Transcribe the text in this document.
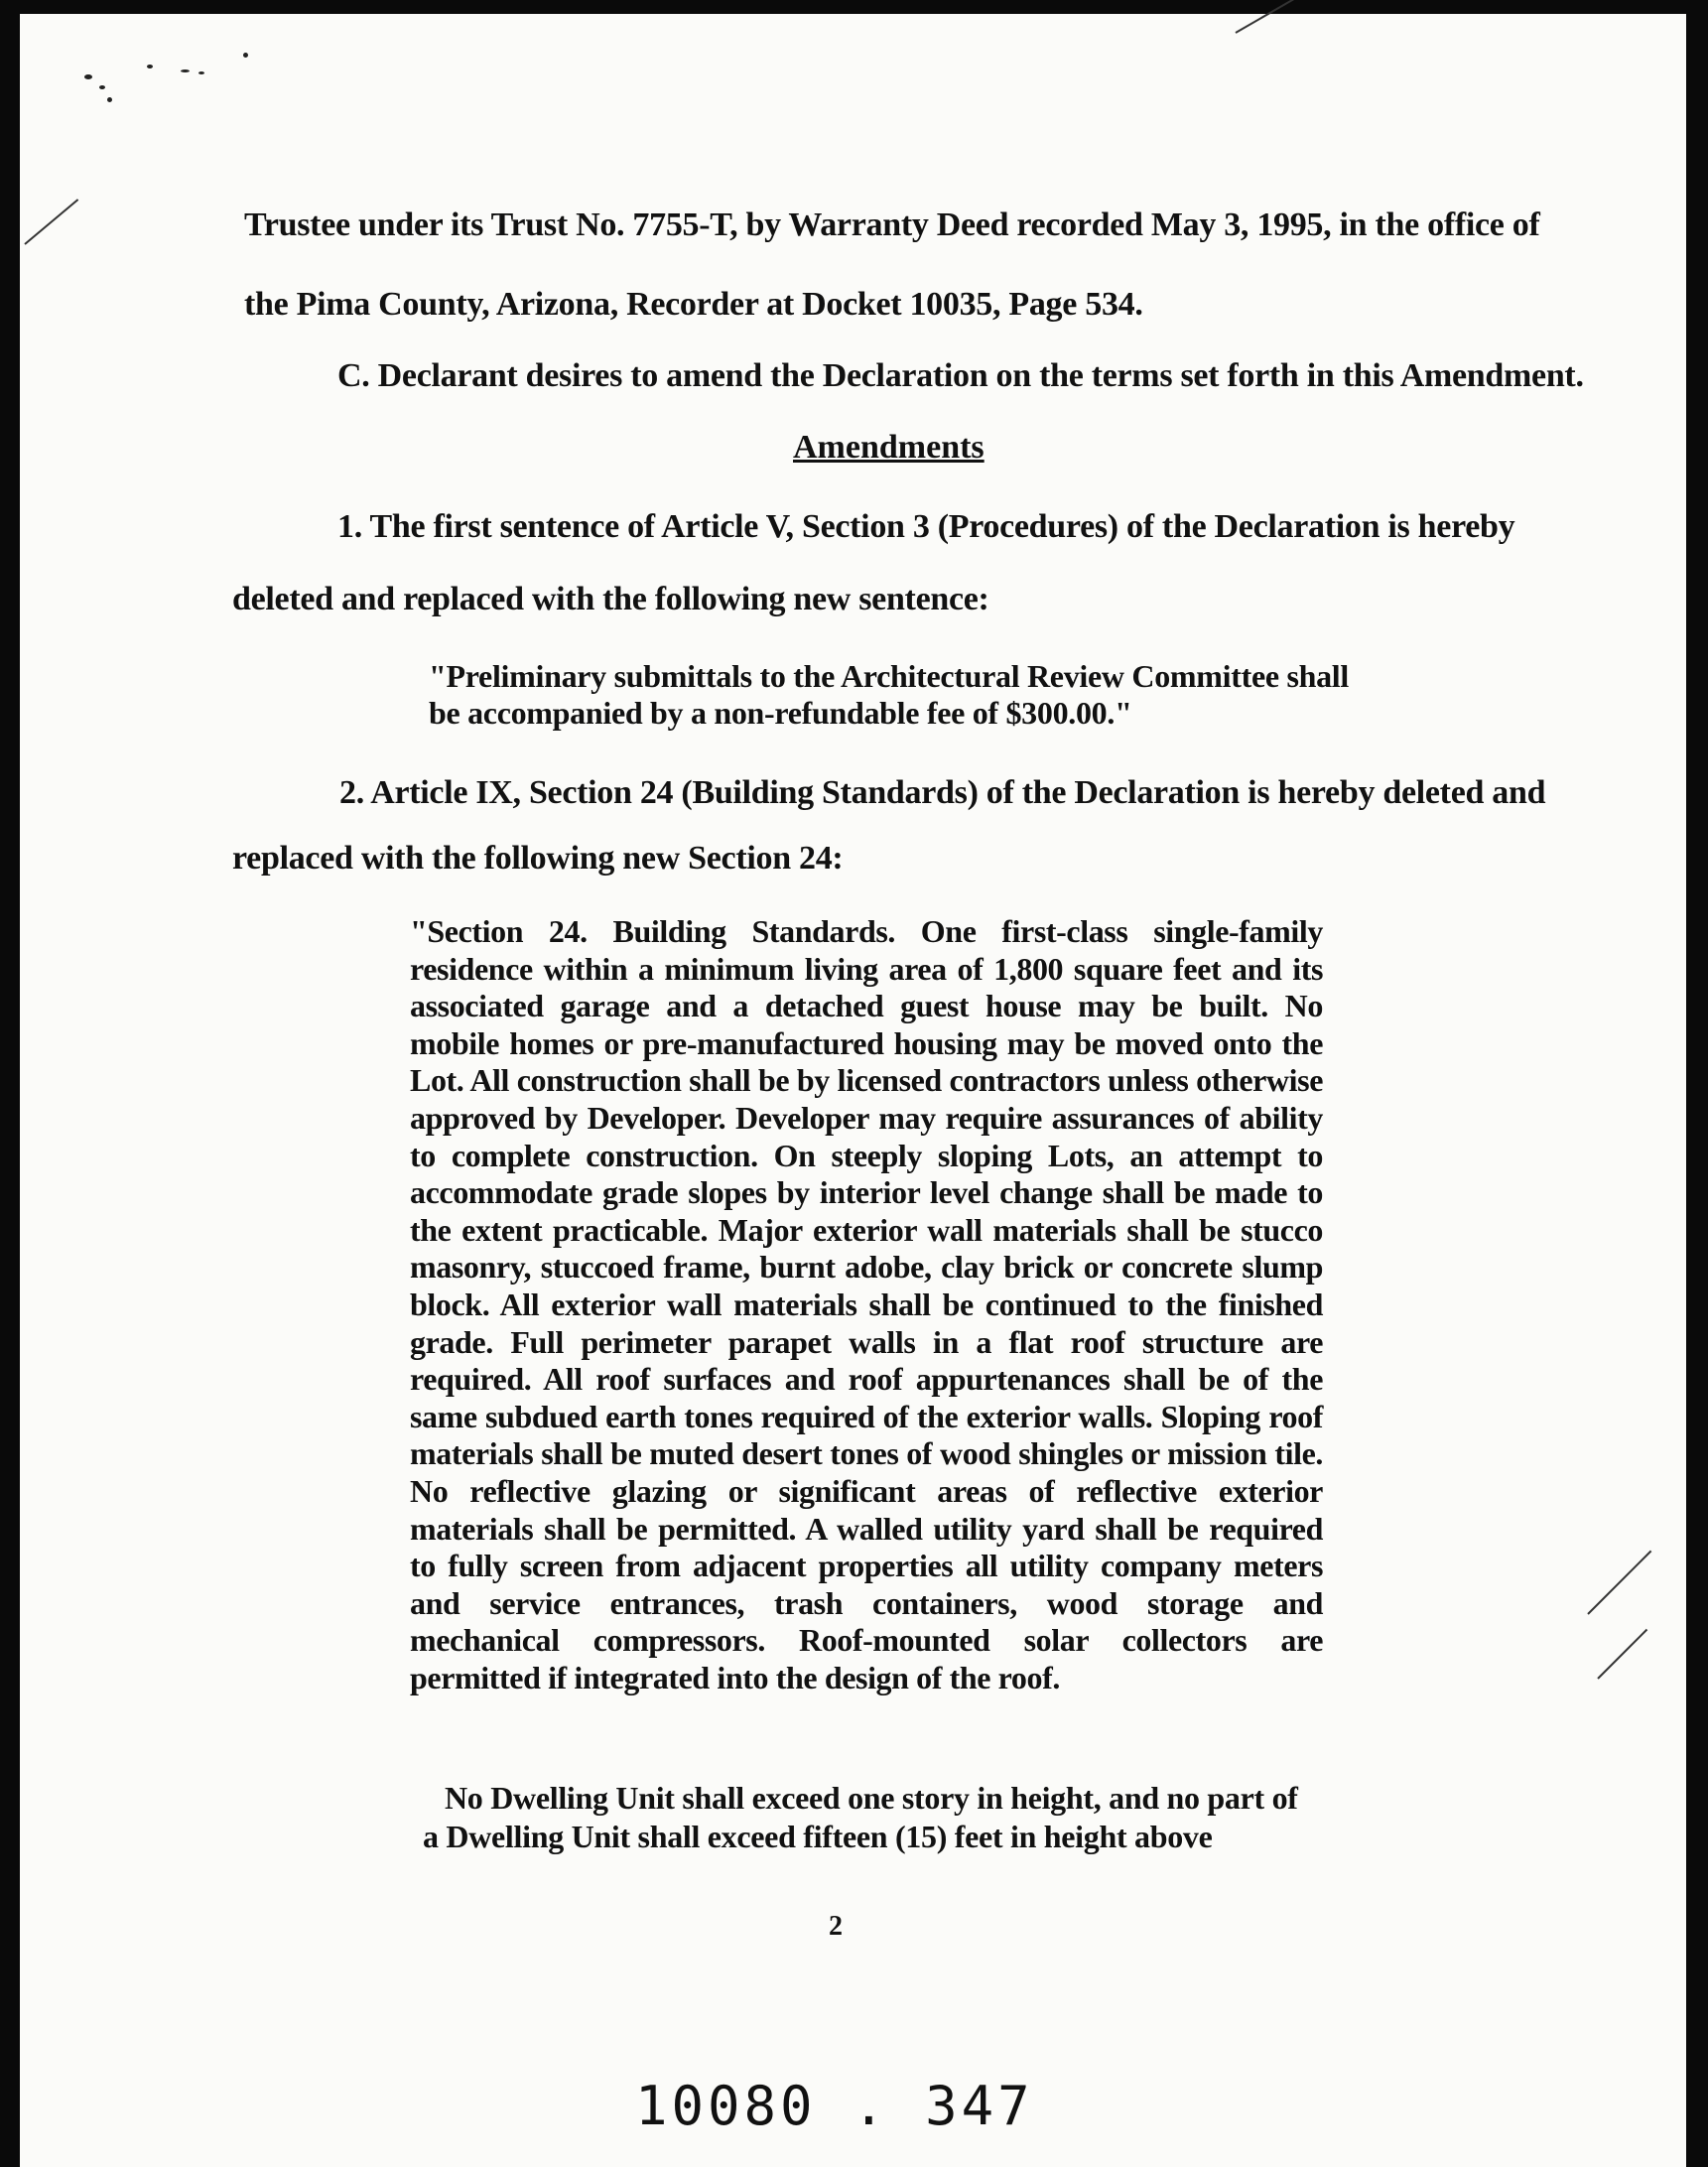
Trustee under its Trust No. 7755-T, by Warranty Deed recorded May 3, 1995, in the office of

the Pima County, Arizona, Recorder at Docket 10035, Page 534.

C. Declarant desires to amend the Declaration on the terms set forth in this Amendment.

Amendments

1. The first sentence of Article V, Section 3 (Procedures) of the Declaration is hereby

deleted and replaced with the following new sentence:

"Preliminary submittals to the Architectural Review Committee shall

be accompanied by a non-refundable fee of $300.00."

2. Article IX, Section 24 (Building Standards) of the Declaration is hereby deleted and

replaced with the following new Section 24:

"Section 24. Building Standards. One first-class single-family residence within a minimum living area of 1,800 square feet and its associated garage and a detached guest house may be built. No mobile homes or pre-manufactured housing may be moved onto the Lot. All construction shall be by licensed contractors unless otherwise approved by Developer. Developer may require assurances of ability to complete construction. On steeply sloping Lots, an attempt to accommodate grade slopes by interior level change shall be made to the extent practicable. Major exterior wall materials shall be stucco masonry, stuccoed frame, burnt adobe, clay brick or concrete slump block. All exterior wall materials shall be continued to the finished grade. Full perimeter parapet walls in a flat roof structure are required. All roof surfaces and roof appurtenances shall be of the same subdued earth tones required of the exterior walls. Sloping roof materials shall be muted desert tones of wood shingles or mission tile. No reflective glazing or significant areas of reflective exterior materials shall be permitted. A walled utility yard shall be required to fully screen from adjacent properties all utility company meters and service entrances, trash containers, wood storage and mechanical compressors. Roof-mounted solar collectors are permitted if integrated into the design of the roof.

No Dwelling Unit shall exceed one story in height, and no part of

a Dwelling Unit shall exceed fifteen (15) feet in height above

2
10080 . 347
